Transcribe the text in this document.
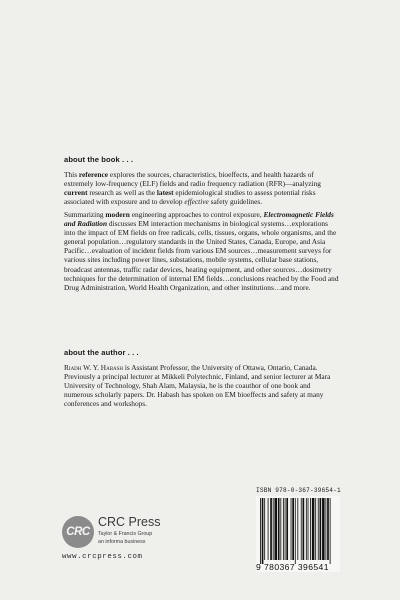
about the book . . .

This reference explores the sources, characteristics, bioeffects, and health hazards of extremely low-frequency (ELF) fields and radio frequency radiation (RFR)—analyzing current research as well as the latest epidemiological studies to assess potential risks associated with exposure and to develop effective safety guidelines.

Summarizing modern engineering approaches to control exposure, Electromagnetic Fields and Radiation discusses EM interaction mechanisms in biological systems…explorations into the impact of EM fields on free radicals, cells, tissues, organs, whole organisms, and the general population…regulatory standards in the United States, Canada, Europe, and Asia Pacific…evaluation of incident fields from various EM sources…measurement surveys for various sites including power lines, substations, mobile systems, cellular base stations, broadcast antennas, traffic radar devices, heating equipment, and other sources…dosimetry techniques for the determination of internal EM fields…conclusions reached by the Food and Drug Administration, World Health Organization, and other institutions…and more.

about the author . . .

Riadh W. Y. Habash is Assistant Professor, the University of Ottawa, Ontario, Canada. Previously a principal lecturer at Mikkeli Polytechnic, Finland, and senior lecturer at Mara University of Technology, Shah Alam, Malaysia, he is the coauthor of one book and numerous scholarly papers. Dr. Habash has spoken on EM bioeffects and safety at many conferences and workshops.

CRC
CRC Press
Taylor & Francis Group
an informa business
www.crcpress.com
ISBN 978-0-367-39654-1
9 780367 396541
